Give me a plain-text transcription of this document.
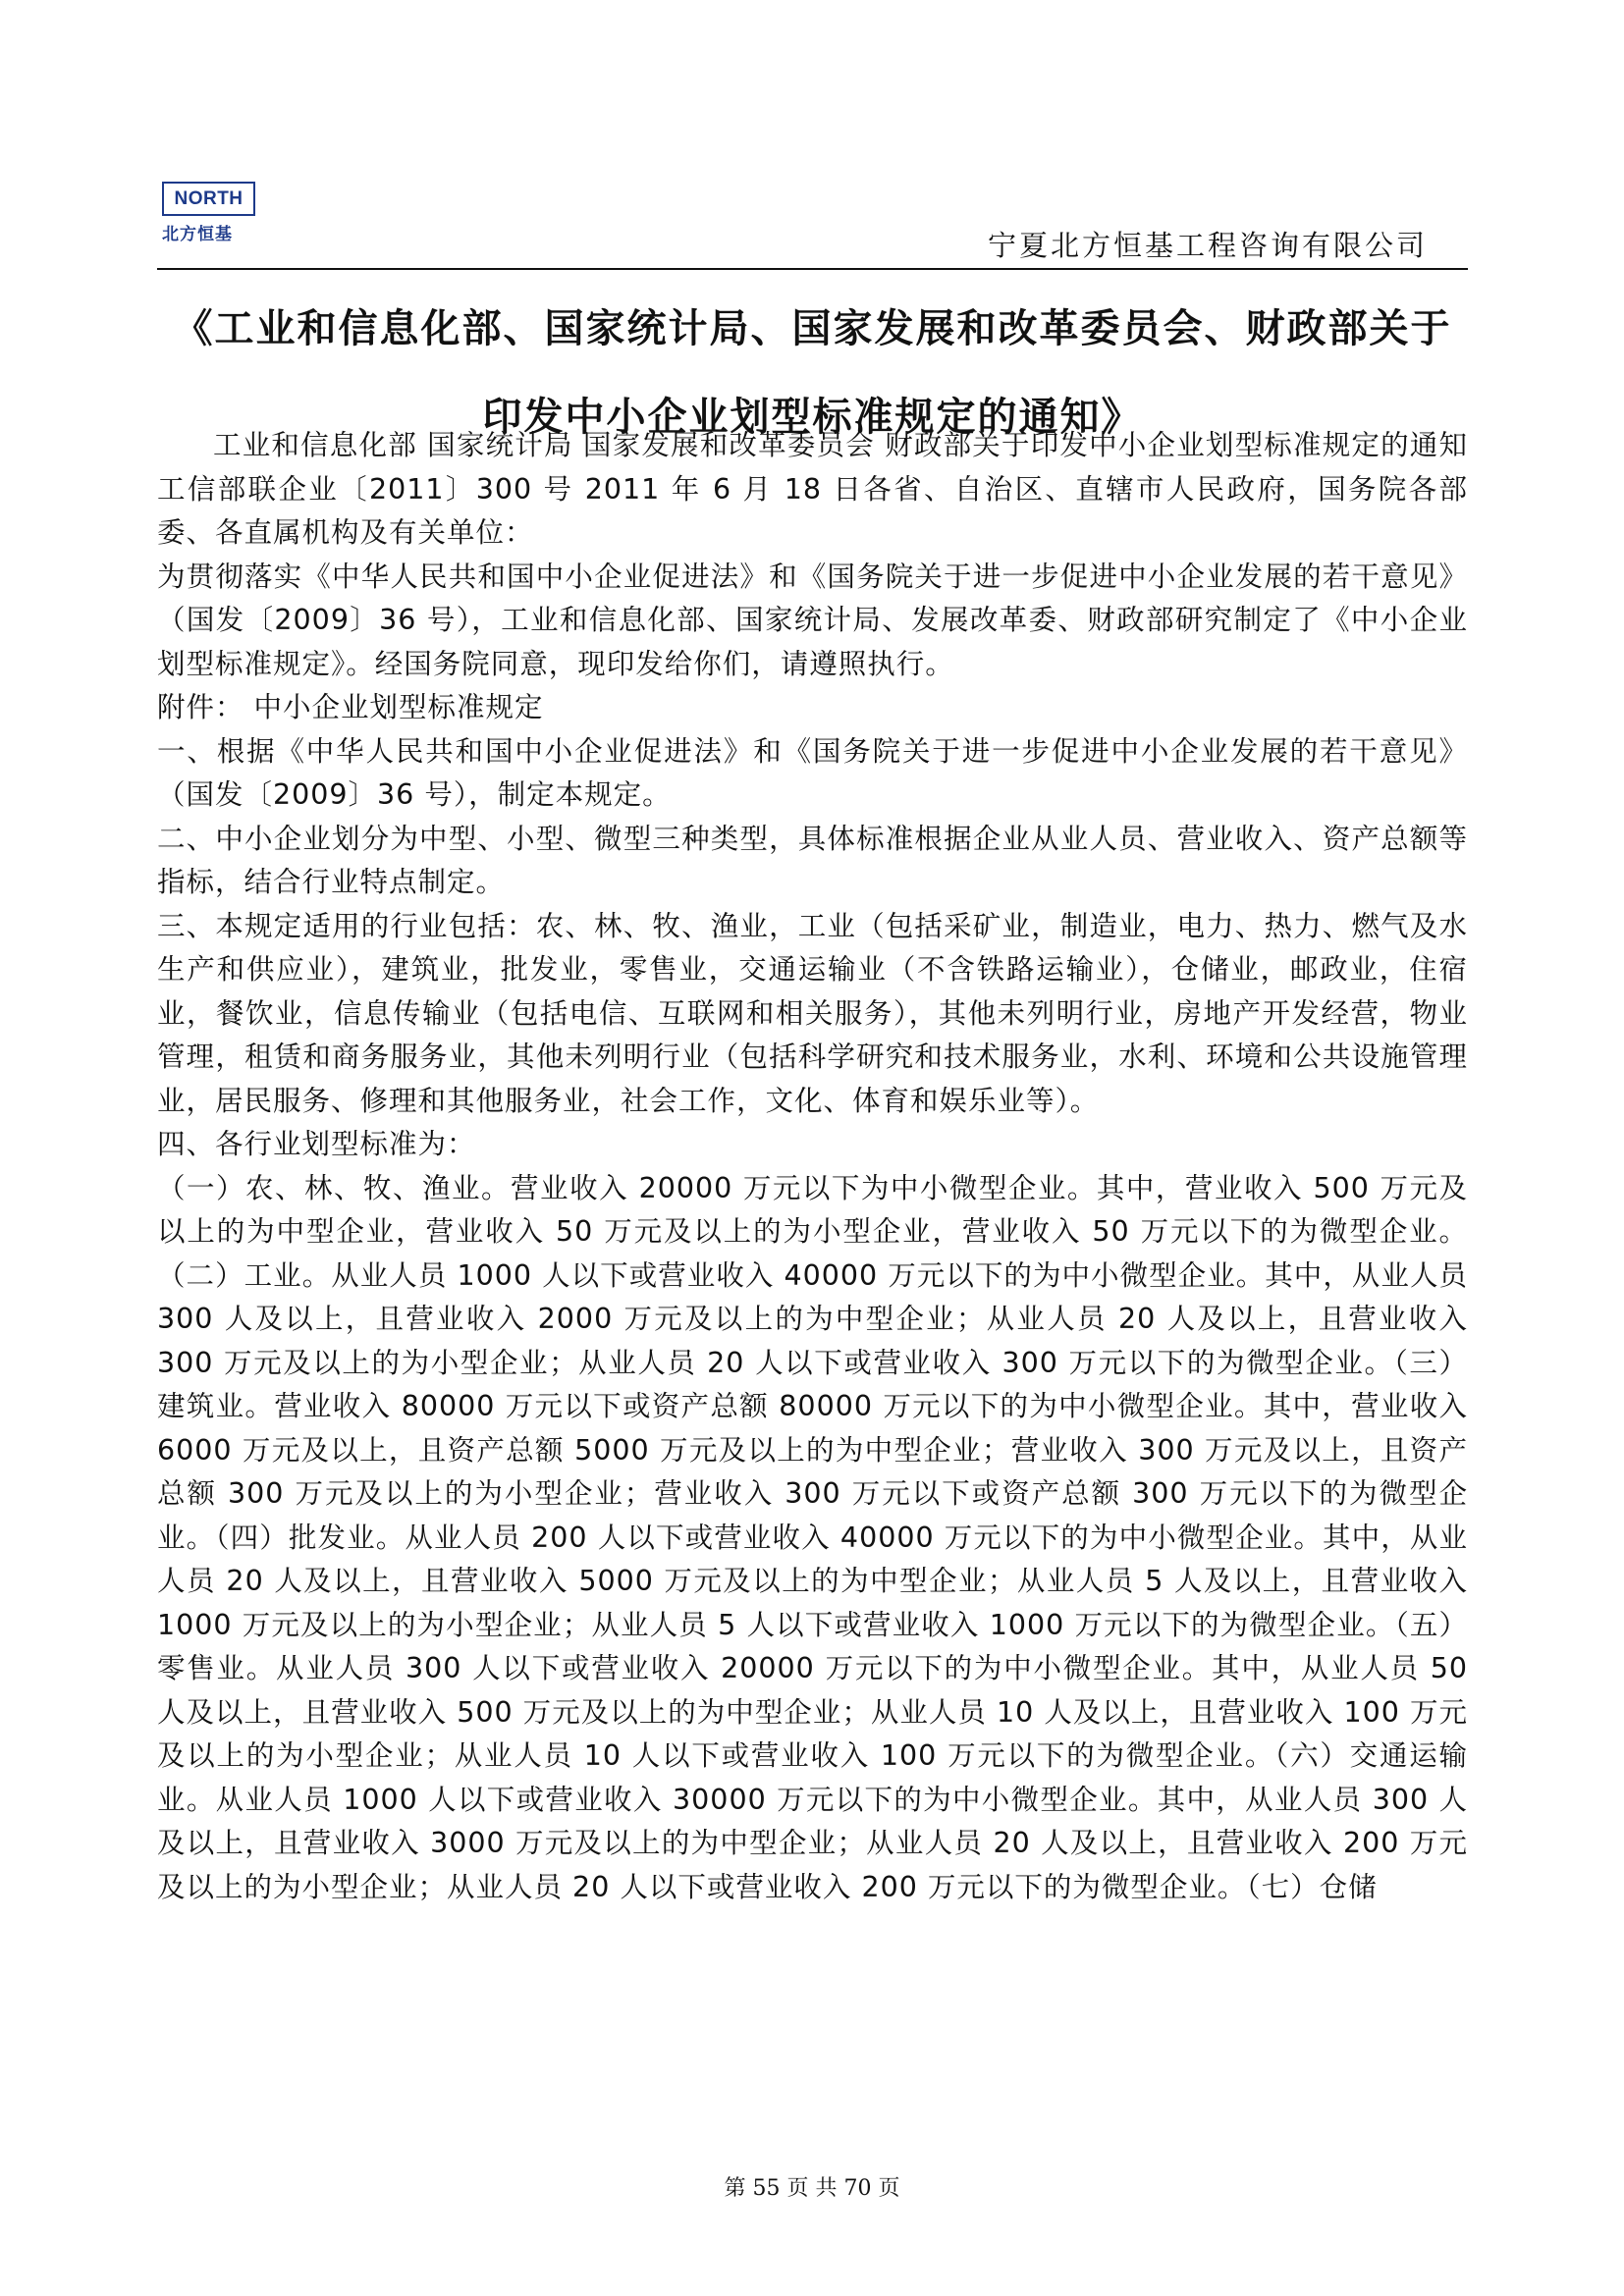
NORTH
北方恒基	宁夏北方恒基工程咨询有限公司
《工业和信息化部、国家统计局、国家发展和改革委员会、财政部关于印发中小企业划型标准规定的通知》

工业和信息化部 国家统计局 国家发展和改革委员会 财政部关于印发中小企业划型标准规定的通知工信部联企业〔2011〕300 号 2011 年 6 月 18 日各省、自治区、直辖市人民政府，国务院各部委、各直属机构及有关单位：

为贯彻落实《中华人民共和国中小企业促进法》和《国务院关于进一步促进中小企业发展的若干意见》（国发〔2009〕36 号），工业和信息化部、国家统计局、发展改革委、财政部研究制定了《中小企业划型标准规定》。经国务院同意，现印发给你们，请遵照执行。

附件： 中小企业划型标准规定

一、根据《中华人民共和国中小企业促进法》和《国务院关于进一步促进中小企业发展的若干意见》（国发〔2009〕36 号），制定本规定。

二、中小企业划分为中型、小型、微型三种类型，具体标准根据企业从业人员、营业收入、资产总额等指标，结合行业特点制定。

三、本规定适用的行业包括：农、林、牧、渔业，工业（包括采矿业，制造业，电力、热力、燃气及水生产和供应业），建筑业，批发业，零售业，交通运输业（不含铁路运输业），仓储业，邮政业，住宿业，餐饮业，信息传输业（包括电信、互联网和相关服务），其他未列明行业，房地产开发经营，物业管理，租赁和商务服务业，其他未列明行业（包括科学研究和技术服务业，水利、环境和公共设施管理业，居民服务、修理和其他服务业，社会工作，文化、体育和娱乐业等）。

四、各行业划型标准为：

（一）农、林、牧、渔业。营业收入 20000 万元以下为中小微型企业。其中，营业收入 500 万元及以上的为中型企业，营业收入 50 万元及以上的为小型企业，营业收入 50 万元以下的为微型企业。（二）工业。从业人员 1000 人以下或营业收入 40000 万元以下的为中小微型企业。其中，从业人员 300 人及以上，且营业收入 2000 万元及以上的为中型企业；从业人员 20 人及以上，且营业收入 300 万元及以上的为小型企业；从业人员 20 人以下或营业收入 300 万元以下的为微型企业。（三）建筑业。营业收入 80000 万元以下或资产总额 80000 万元以下的为中小微型企业。其中，营业收入 6000 万元及以上，且资产总额 5000 万元及以上的为中型企业；营业收入 300 万元及以上，且资产总额 300 万元及以上的为小型企业；营业收入 300 万元以下或资产总额 300 万元以下的为微型企业。（四）批发业。从业人员 200 人以下或营业收入 40000 万元以下的为中小微型企业。其中，从业人员 20 人及以上，且营业收入 5000 万元及以上的为中型企业；从业人员 5 人及以上，且营业收入 1000 万元及以上的为小型企业；从业人员 5 人以下或营业收入 1000 万元以下的为微型企业。（五）零售业。从业人员 300 人以下或营业收入 20000 万元以下的为中小微型企业。其中，从业人员 50 人及以上，且营业收入 500 万元及以上的为中型企业；从业人员 10 人及以上，且营业收入 100 万元及以上的为小型企业；从业人员 10 人以下或营业收入 100 万元以下的为微型企业。（六）交通运输业。从业人员 1000 人以下或营业收入 30000 万元以下的为中小微型企业。其中，从业人员 300 人及以上，且营业收入 3000 万元及以上的为中型企业；从业人员 20 人及以上，且营业收入 200 万元及以上的为小型企业；从业人员 20 人以下或营业收入 200 万元以下的为微型企业。（七）仓储

第 55 页 共 70 页
